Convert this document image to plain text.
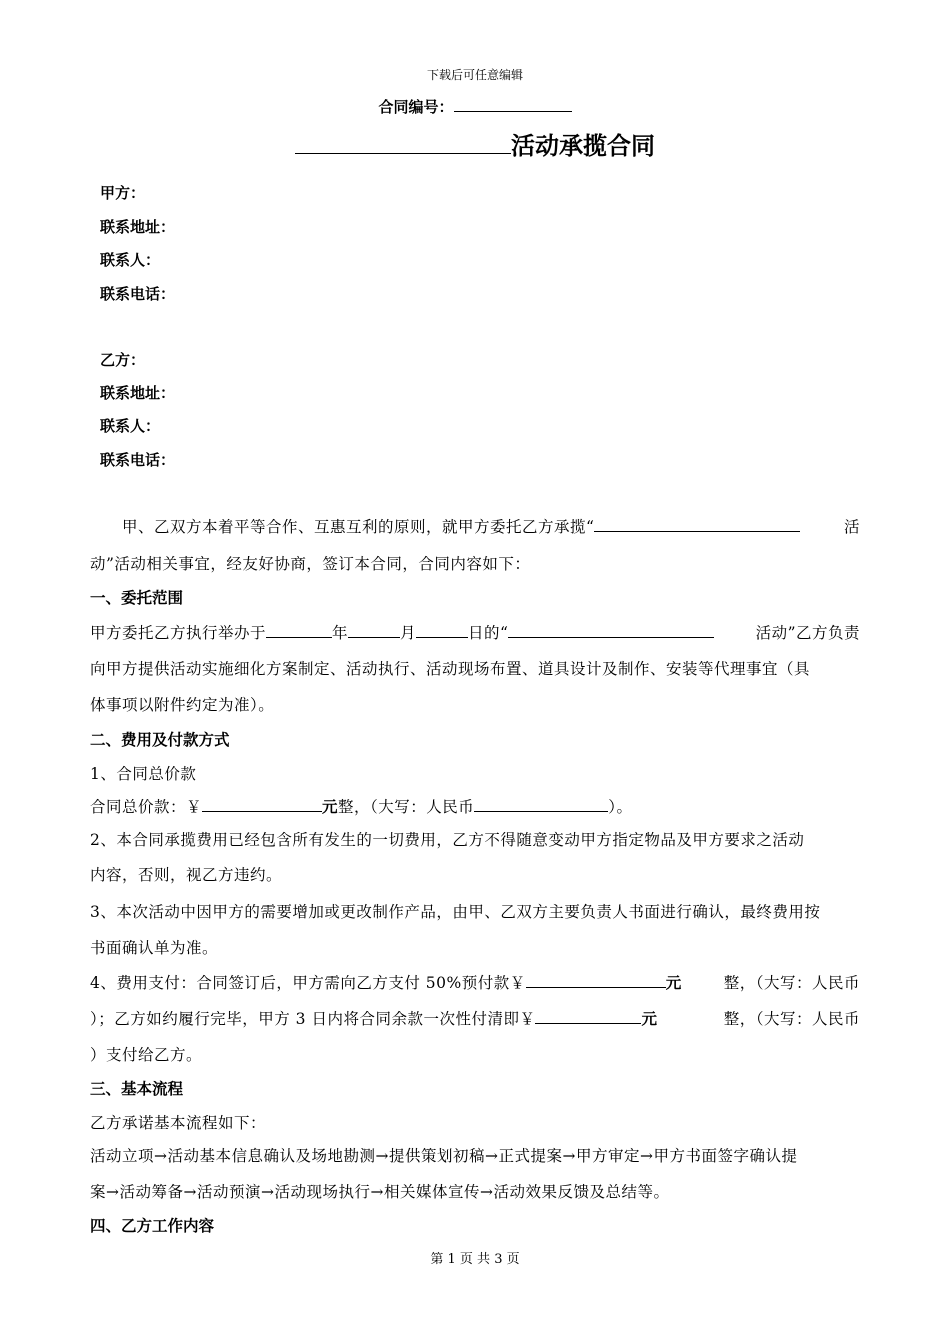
下载后可任意编辑
合同编号：
活动承揽合同
甲方：
联系地址：
联系人：
联系电话：
乙方：
联系地址：
联系人：
联系电话：
甲、乙双方本着平等合作、互惠互利的原则，就甲方委托乙方承揽“	活
动”活动相关事宜，经友好协商，签订本合同，合同内容如下：
一、委托范围
甲方委托乙方执行举办于	年	月	日的“	活动”乙方负责
向甲方提供活动实施细化方案制定、活动执行、活动现场布置、道具设计及制作、安装等代理事宜（具
体事项以附件约定为准）。
二、费用及付款方式
1、合同总价款
合同总价款：￥	元整，（大写：人民币	）。
2、本合同承揽费用已经包含所有发生的一切费用，乙方不得随意变动甲方指定物品及甲方要求之活动
内容，否则，视乙方违约。
3、本次活动中因甲方的需要增加或更改制作产品，由甲、乙双方主要负责人书面进行确认，最终费用按
书面确认单为准。
4、费用支付：合同签订后，甲方需向乙方支付 50%预付款￥	元	整，（大写：人民币
）；乙方如约履行完毕，甲方 3 日内将合同余款一次性付清即￥	元	整，（大写：人民币
）支付给乙方。
三、基本流程
乙方承诺基本流程如下：
活动立项→活动基本信息确认及场地勘测→提供策划初稿→正式提案→甲方审定→甲方书面签字确认提
案→活动筹备→活动预演→活动现场执行→相关媒体宣传→活动效果反馈及总结等。
四、乙方工作内容
第 1 页 共 3 页
